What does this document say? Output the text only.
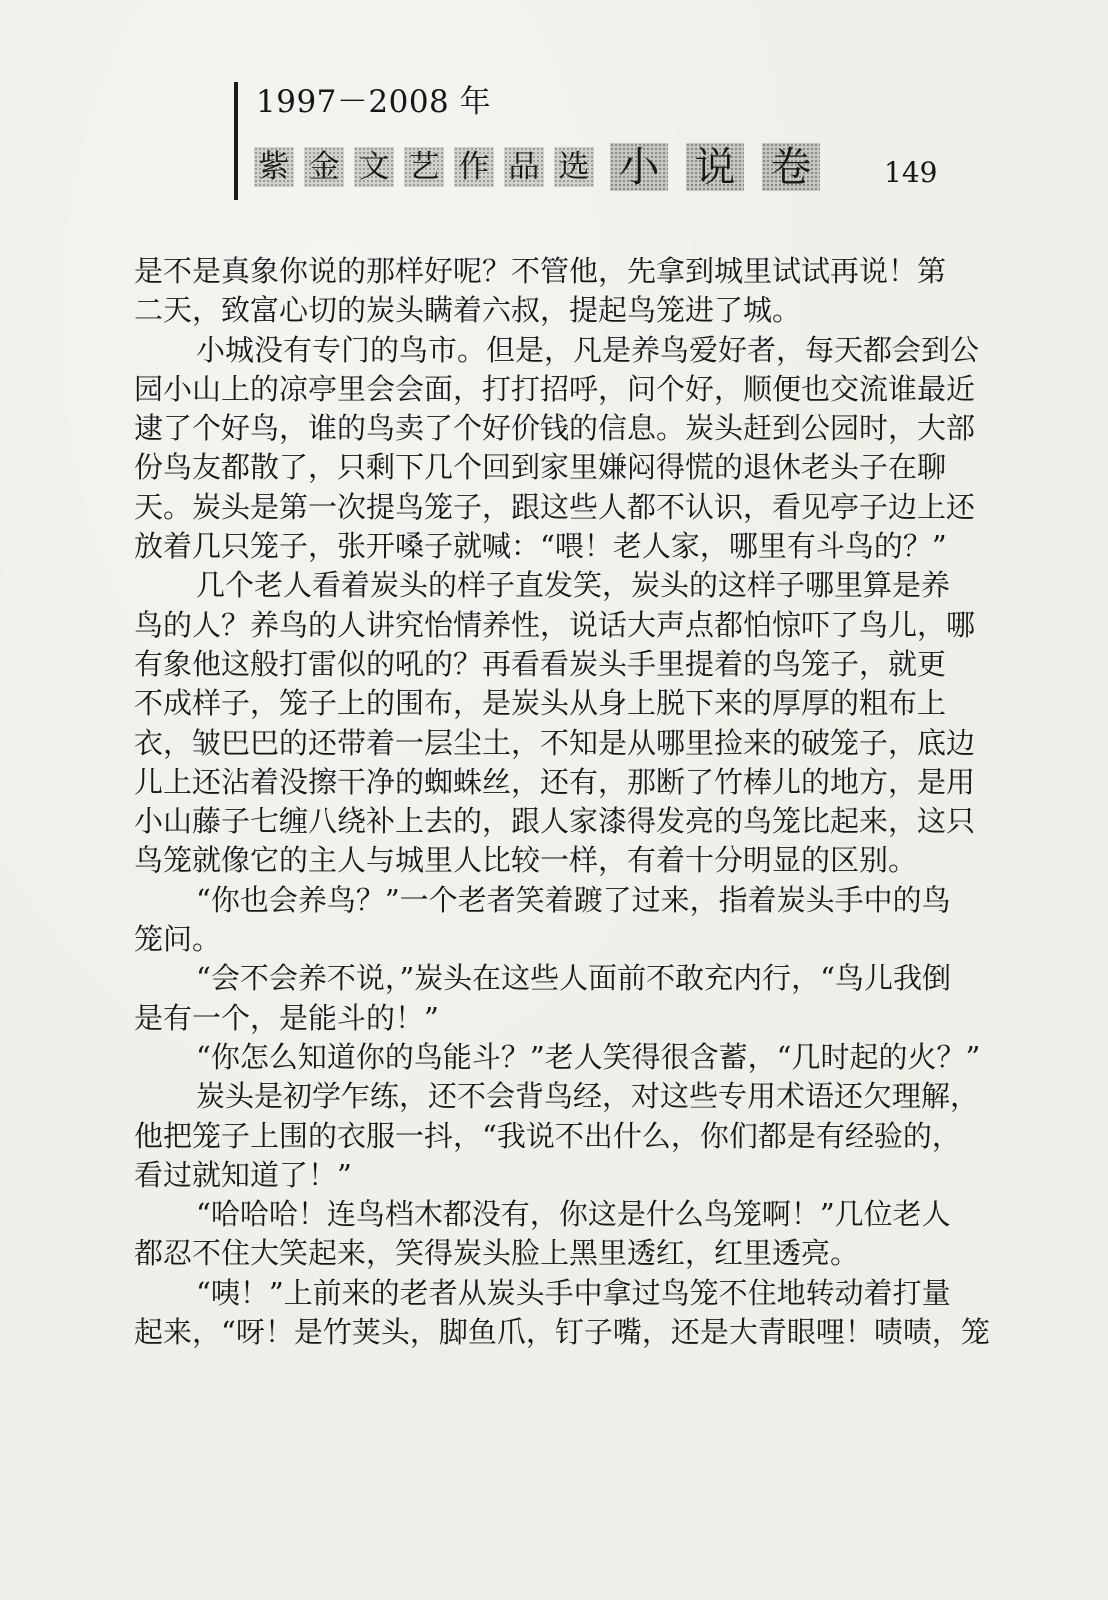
1997－2008 年
紫 金 文 艺 作 品 选 小 说 卷	149
是不是真象你说的那样好呢？不管他，先拿到城里试试再说！第
二天，致富心切的炭头瞒着六叔，提起鸟笼进了城。
小城没有专门的鸟市。但是，凡是养鸟爱好者，每天都会到公
园小山上的凉亭里会会面，打打招呼，问个好，顺便也交流谁最近
逮了个好鸟，谁的鸟卖了个好价钱的信息。炭头赶到公园时，大部
份鸟友都散了，只剩下几个回到家里嫌闷得慌的退休老头子在聊
天。炭头是第一次提鸟笼子，跟这些人都不认识，看见亭子边上还
放着几只笼子，张开嗓子就喊：“喂！老人家，哪里有斗鸟的？”
几个老人看着炭头的样子直发笑，炭头的这样子哪里算是养
鸟的人？养鸟的人讲究怡情养性，说话大声点都怕惊吓了鸟儿，哪
有象他这般打雷似的吼的？再看看炭头手里提着的鸟笼子，就更
不成样子，笼子上的围布，是炭头从身上脱下来的厚厚的粗布上
衣，皱巴巴的还带着一层尘土，不知是从哪里捡来的破笼子，底边
儿上还沾着没擦干净的蜘蛛丝，还有，那断了竹棒儿的地方，是用
小山藤子七缠八绕补上去的，跟人家漆得发亮的鸟笼比起来，这只
鸟笼就像它的主人与城里人比较一样，有着十分明显的区别。
“你也会养鸟？”一个老者笑着踱了过来，指着炭头手中的鸟
笼问。
“会不会养不说，”炭头在这些人面前不敢充内行，“鸟儿我倒
是有一个，是能斗的！”
“你怎么知道你的鸟能斗？”老人笑得很含蓄，“几时起的火？”
炭头是初学乍练，还不会背鸟经，对这些专用术语还欠理解，
他把笼子上围的衣服一抖，“我说不出什么，你们都是有经验的，
看过就知道了！”
“哈哈哈！连鸟档木都没有，你这是什么鸟笼啊！”几位老人
都忍不住大笑起来，笑得炭头脸上黑里透红，红里透亮。
“咦！”上前来的老者从炭头手中拿过鸟笼不住地转动着打量
起来，“呀！是竹荚头，脚鱼爪，钉子嘴，还是大青眼哩！啧啧，笼
